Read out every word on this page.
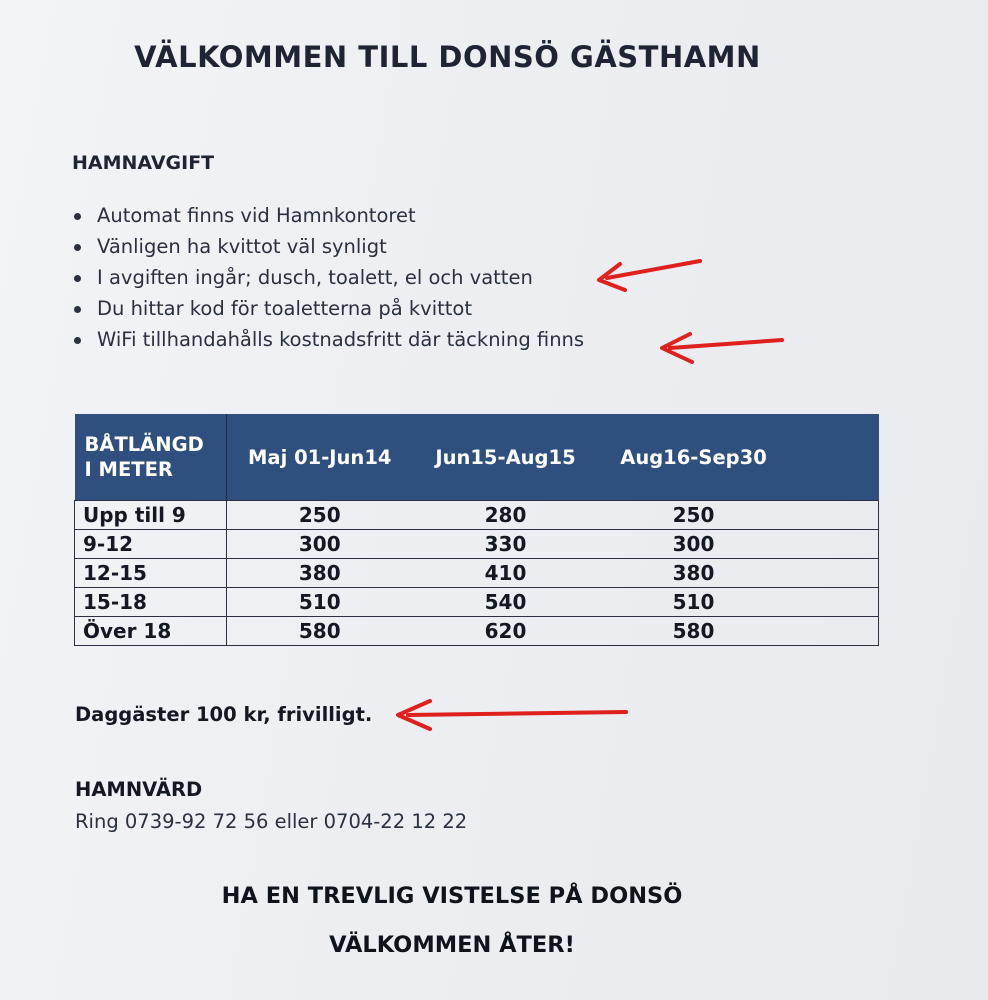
VÄLKOMMEN TILL DONSÖ GÄSTHAMN
HAMNAVGIFT
Automat finns vid Hamnkontoret
Vänligen ha kvittot väl synligt
I avgiften ingår; dusch, toalett, el och vatten
Du hittar kod för toaletterna på kvittot
WiFi tillhandahålls kostnadsfritt där täckning finns
BÅTLÄNGD
I METER	Maj 01-Jun14	Jun15-Aug15	Aug16-Sep30	
Upp till 9	250	280	250	
9-12	300	330	300	
12-15	380	410	380	
15-18	510	540	510	
Över 18	580	620	580	
Daggäster 100 kr, frivilligt.
HAMNVÄRD
Ring 0739-92 72 56 eller 0704-22 12 22
HA EN TREVLIG VISTELSE PÅ DONSÖ
VÄLKOMMEN ÅTER!
